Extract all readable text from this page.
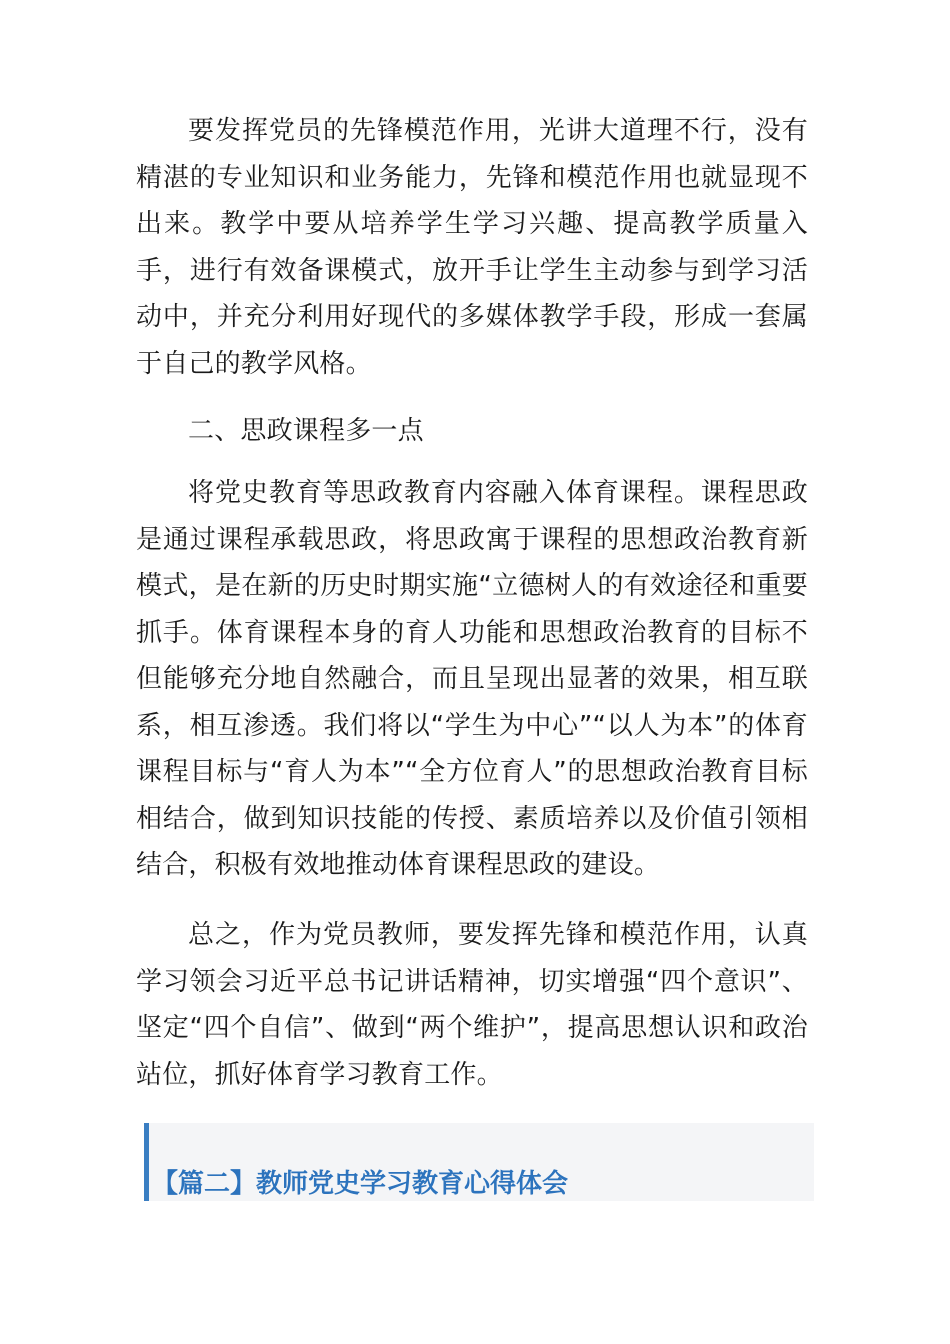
要发挥党员的先锋模范作用，光讲大道理不行，没有精湛的专业知识和业务能力，先锋和模范作用也就显现不出来。教学中要从培养学生学习兴趣、提高教学质量入手，进行有效备课模式，放开手让学生主动参与到学习活动中，并充分利用好现代的多媒体教学手段，形成一套属于自己的教学风格。

二、思政课程多一点

将党史教育等思政教育内容融入体育课程。课程思政是通过课程承载思政，将思政寓于课程的思想政治教育新模式，是在新的历史时期实施“立德树人的有效途径和重要抓手。体育课程本身的育人功能和思想政治教育的目标不但能够充分地自然融合，而且呈现出显著的效果，相互联系，相互渗透。我们将以“学生为中心”“以人为本”的体育课程目标与“育人为本”“全方位育人”的思想政治教育目标相结合，做到知识技能的传授、素质培养以及价值引领相结合，积极有效地推动体育课程思政的建设。

总之，作为党员教师，要发挥先锋和模范作用，认真学习领会习近平总书记讲话精神，切实增强“四个意识”、坚定“四个自信”、做到“两个维护”，提高思想认识和政治站位，抓好体育学习教育工作。

【篇二】教师党史学习教育心得体会
